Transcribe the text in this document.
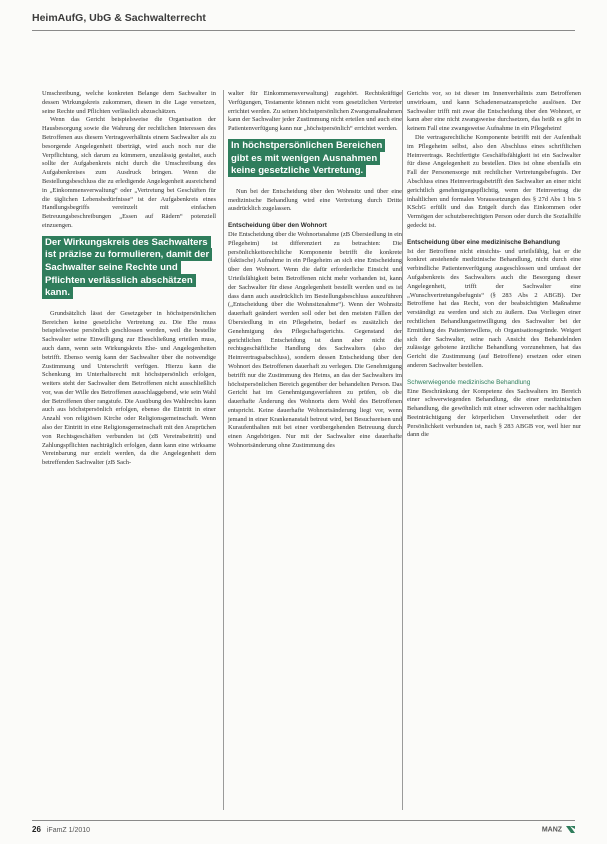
HeimAufG, UbG & Sachwalterrecht

Umschreibung, welche konkreten Belange dem Sachwalter in dessen Wirkungskreis zukommen, diesen in die Lage versetzen, seine Rechte und Pflichten verlässlich abzuschätzen.

Wenn das Gericht beispielsweise die Organisation der Hausbesorgung sowie die Wahrung der rechtlichen Interessen des Betroffenen aus diesem Vertragsverhältnis einem Sachwalter als zu besorgende Angelegenheit überträgt, wird auch noch nur die Verpflichtung, sich darum zu kümmern, unzulässig gestaltet, auch sollte der Aufgabenkreis nicht durch die Umschreibung des Aufgabenkreises zum Ausdruck bringen. Wenn die Bestellungsbeschluss die zu erledigende Angelegenheit ausreichend in „Einkommensverwaltung“ oder „Vertretung bei Geschäften für die täglichen Lebensbedürfnisse“ ist der Aufgabenkreis eines Handlungsbegriffs vereinzelt mit einfachen Betreuungsbeschreibungen „Essen auf Rädern“ potenziell einzuengen.

Der Wirkungskreis des Sachwalters ist präzise zu formulieren, damit der Sachwalter seine Rechte und Pflichten verlässlich abschätzen kann.

Grundsätzlich lässt der Gesetzgeber in höchstpersönlichen Bereichen keine gesetzliche Vertretung zu. Die Ehe muss beispielsweise persönlich geschlossen werden, weil die bestellte Sachwalter seine Einwilligung zur Eheschließung erteilen muss, auch dann, wenn sein Wirkungskreis Ehe- und Angelegenheiten betrifft. Ebenso wenig kann der Sachwalter über die notwendige Zustimmung und Unterschrift verfügen. Hierzu kann die Schenkung im Unterhaltsrecht mit höchstpersönlich erfolgen, weiters steht der Sachwalter dem Betroffenen nicht ausschließlich vor, was der Wille des Betroffenen ausschlaggebend, wie sein Wahl der Betroffenen über rangstufe. Die Ausübung des Wahlrechts kann auch aus höchstpersönlich erfolgen, ebenso die Eintritt in einer Anzahl von religiösen Kirche oder Religionsgemeinschaft. Wenn also der Eintritt in eine Religionsgemeinschaft mit den Ansprüchen von Rechtsgeschäften verbunden ist (zB Vereinsbeitritt) und Zahlungspflichten nachträglich erfolgen, dann kann eine wirksame Vereinbarung nur erzielt werden, da die Angelegenheit dem betreffenden Sachwalter (zB Sach-

walter für Einkommensverwaltung) zugehört. Rechtskräftige Verfügungen, Testamente können nicht vom gesetzlichen Vertreter errichtet werden. Zu seinen höchstpersönlichen Zwangsmaßnahmen kann der Sachwalter jeder Zustimmung nicht erteilen und auch eine Patientenverfügung kann nur „höchstpersönlich“ errichtet werden.

In höchstpersönlichen Bereichen gibt es mit wenigen Ausnahmen keine gesetzliche Vertretung.

Nun bei der Entscheidung über den Wohnsitz und über eine medizinische Behandlung wird eine Vertretung durch Dritte ausdrücklich zugelassen.

Entscheidung über den Wohnort

Die Entscheidung über die Wohnortsnahme (zB Übersiedlung in ein Pflegeheim) ist differenziert zu betrachten: Die persönlichkeitsrechtliche Komponente betrifft die konkrete (faktische) Aufnahme in ein Pflegeheim an sich eine Entscheidung über den Wohnort. Wenn die dafür erforderliche Einsicht und Urteilsfähigkeit beim Betroffenen nicht mehr vorhanden ist, kann der Sachwalter für diese Angelegenheit bestellt werden und es ist dass dann auch ausdrücklich im Bestellungsbeschluss auszuführen („Entscheidung über die Wohnsitznahme“). Wenn der Wohnsitz dauerhaft geändert werden soll oder bei den meisten Fällen der Übersiedlung in ein Pflegeheim, bedarf es zusätzlich der Genehmigung des Pflegschaftsgerichts. Gegenstand der gerichtlichen Entscheidung ist dann aber nicht die rechtsgeschäftliche Handlung des Sachwalters (also der Heimvertragsabschluss), sondern dessen Entscheidung über den Wohnort des Betroffenen dauerhaft zu verlegen. Die Genehmigung betrifft nur die Zustimmung des Heims, an das der Sachwalters im höchstpersönlichen Bereich gegenüber der behandelten Person. Das Gericht hat im Genehmigungsverfahren zu prüfen, ob die dauerhafte Änderung des Wohnorts dem Wohl des Betroffenen entspricht. Keine dauerhafte Wohnortsänderung liegt vor, wenn jemand in einer Krankenanstalt betreut wird, bei Besuchsreisen und Kuraufenthalten mit bei einer vorübergehenden Betreuung durch einen Angehörigen. Nur mit der Sachwalter eine dauerhafte Wohnortsänderung ohne Zustimmung des

Gerichts vor, so ist dieser im Innenverhältnis zum Betroffenen unwirksam, und kann Schadenersatzansprüche auslösen. Der Sachwalter trifft mit zwar die Entscheidung über den Wohnort, er kann aber eine nicht zwangsweise durchsetzen, das heißt es gibt in keinem Fall eine zwangsweise Aufnahme in ein Pflegeheim!

Die vertragsrechtliche Komponente betrifft mit der Aufenthalt im Pflegeheim selbst, also den Abschluss eines schriftlichen Heimvertrags. Rechtfertigte Geschäftsfähigkeit ist ein Sachwalter für diese Angelegenheit zu bestellen. Dies ist ohne ebenfalls ein Fall der Personensorge mit rechtlicher Vertretungsbefugnis. Der Abschluss eines Heimvertragsbetrifft den Sachwalter an einer nicht gerichtlich genehmigungspflichtig, wenn der Heimvertrag die inhaltlichen und formalen Voraussetzungen des § 27d Abs 1 bis 5 KSchG erfüllt und das Entgelt durch das Einkommen oder Vermögen der schutzberechtigten Person oder durch die Sozialhilfe gedeckt ist.

Entscheidung über eine medizinische Behandlung

Ist der Betroffene nicht einsichts- und urteilsfähig, hat er die konkret anstehende medizinische Behandlung, nicht durch eine verbindliche Patientenverfügung ausgeschlossen und umfasst der Aufgabenkreis des Sachwalters auch die Besorgung dieser Angelegenheit, trifft der Sachwalter eine „Wunschvertretungsbefugnis“ (§ 283 Abs 2 ABGB). Der Betroffene hat das Recht, von der beabsichtigten Maßnahme verständigt zu werden und sich zu äußern. Das Vorliegen einer rechtlichen Behandlungseinwilligung des Sachwalter bei der Ermittlung des Patientenwillens, ob Organisationsgründe. Weigert sich der Sachwalter, seine nach Ansicht des Behandelnden zulässige gebotene ärztliche Behandlung vorzunehmen, hat das Gericht die Zustimmung (auf Betroffene) ersetzen oder einen anderen Sachwalter bestellen.

Schwerwiegende medizinische Behandlung

Eine Beschränkung der Kompetenz des Sachwalters im Bereich einer schwerwiegenden Behandlung, die einer medizinischen Behandlung, die gewöhnlich mit einer schweren oder nachhaltigen Beeinträchtigung der körperlichen Unversehrtheit oder der Persönlichkeit verbunden ist, nach § 283 ABGB vor, weil hier nur dann die

26 iFamZ 1/2010	MANZ
